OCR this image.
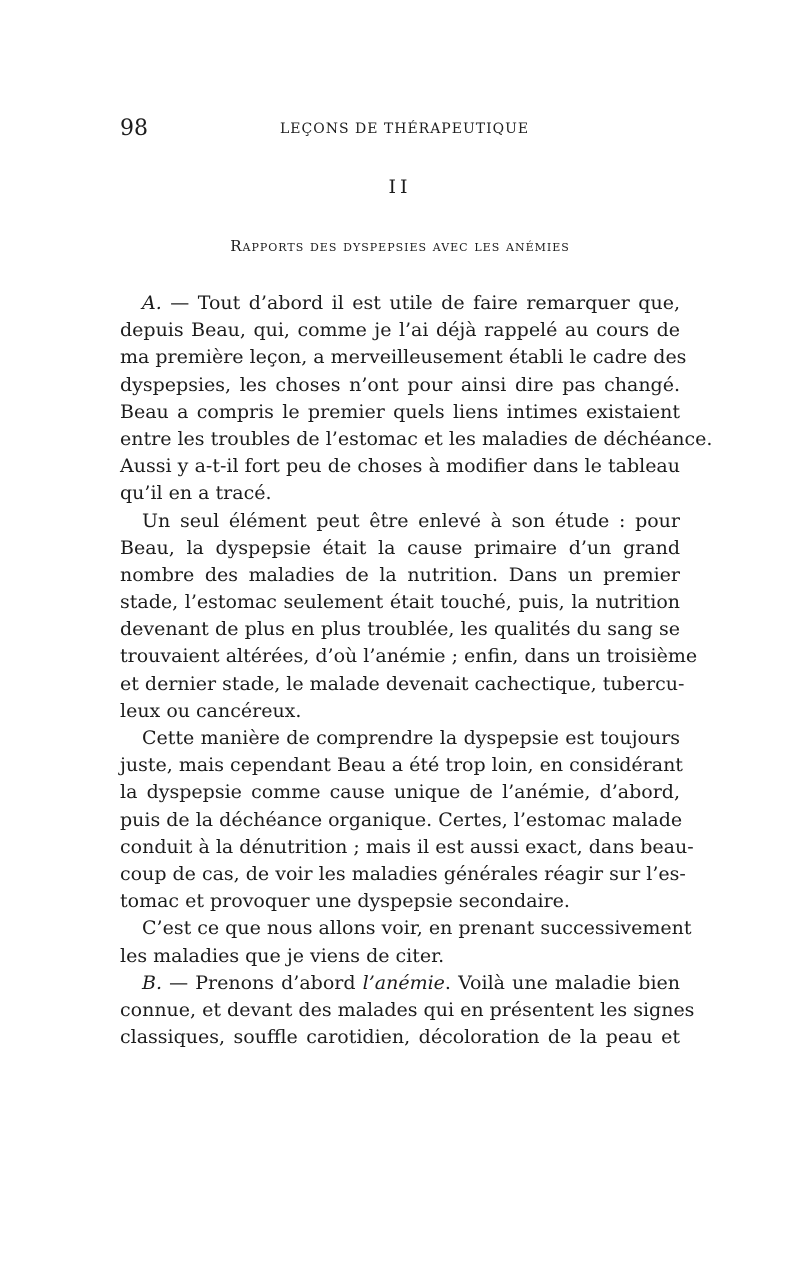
98	LEÇONS DE THÉRAPEUTIQUE
II
Rapports des dyspepsies avec les anémies
A. — Tout d’abord il est utile de faire remarquer que,
depuis Beau, qui, comme je l’ai déjà rappelé au cours de
ma première leçon, a merveilleusement établi le cadre des
dyspepsies, les choses n’ont pour ainsi dire pas changé.
Beau a compris le premier quels liens intimes existaient
entre les troubles de l’estomac et les maladies de déchéance.
Aussi y a-t-il fort peu de choses à modifier dans le tableau
qu’il en a tracé.
Un seul élément peut être enlevé à son étude : pour
Beau, la dyspepsie était la cause primaire d’un grand
nombre des maladies de la nutrition. Dans un premier
stade, l’estomac seulement était touché, puis, la nutrition
devenant de plus en plus troublée, les qualités du sang se
trouvaient altérées, d’où l’anémie ; enfin, dans un troisième
et dernier stade, le malade devenait cachectique, tubercu-
leux ou cancéreux.
Cette manière de comprendre la dyspepsie est toujours
juste, mais cependant Beau a été trop loin, en considérant
la dyspepsie comme cause unique de l’anémie, d’abord,
puis de la déchéance organique. Certes, l’estomac malade
conduit à la dénutrition ; mais il est aussi exact, dans beau-
coup de cas, de voir les maladies générales réagir sur l’es-
tomac et provoquer une dyspepsie secondaire.
C’est ce que nous allons voir, en prenant successivement
les maladies que je viens de citer.
B. — Prenons d’abord l’anémie. Voilà une maladie bien
connue, et devant des malades qui en présentent les signes
classiques, souffle carotidien, décoloration de la peau et
